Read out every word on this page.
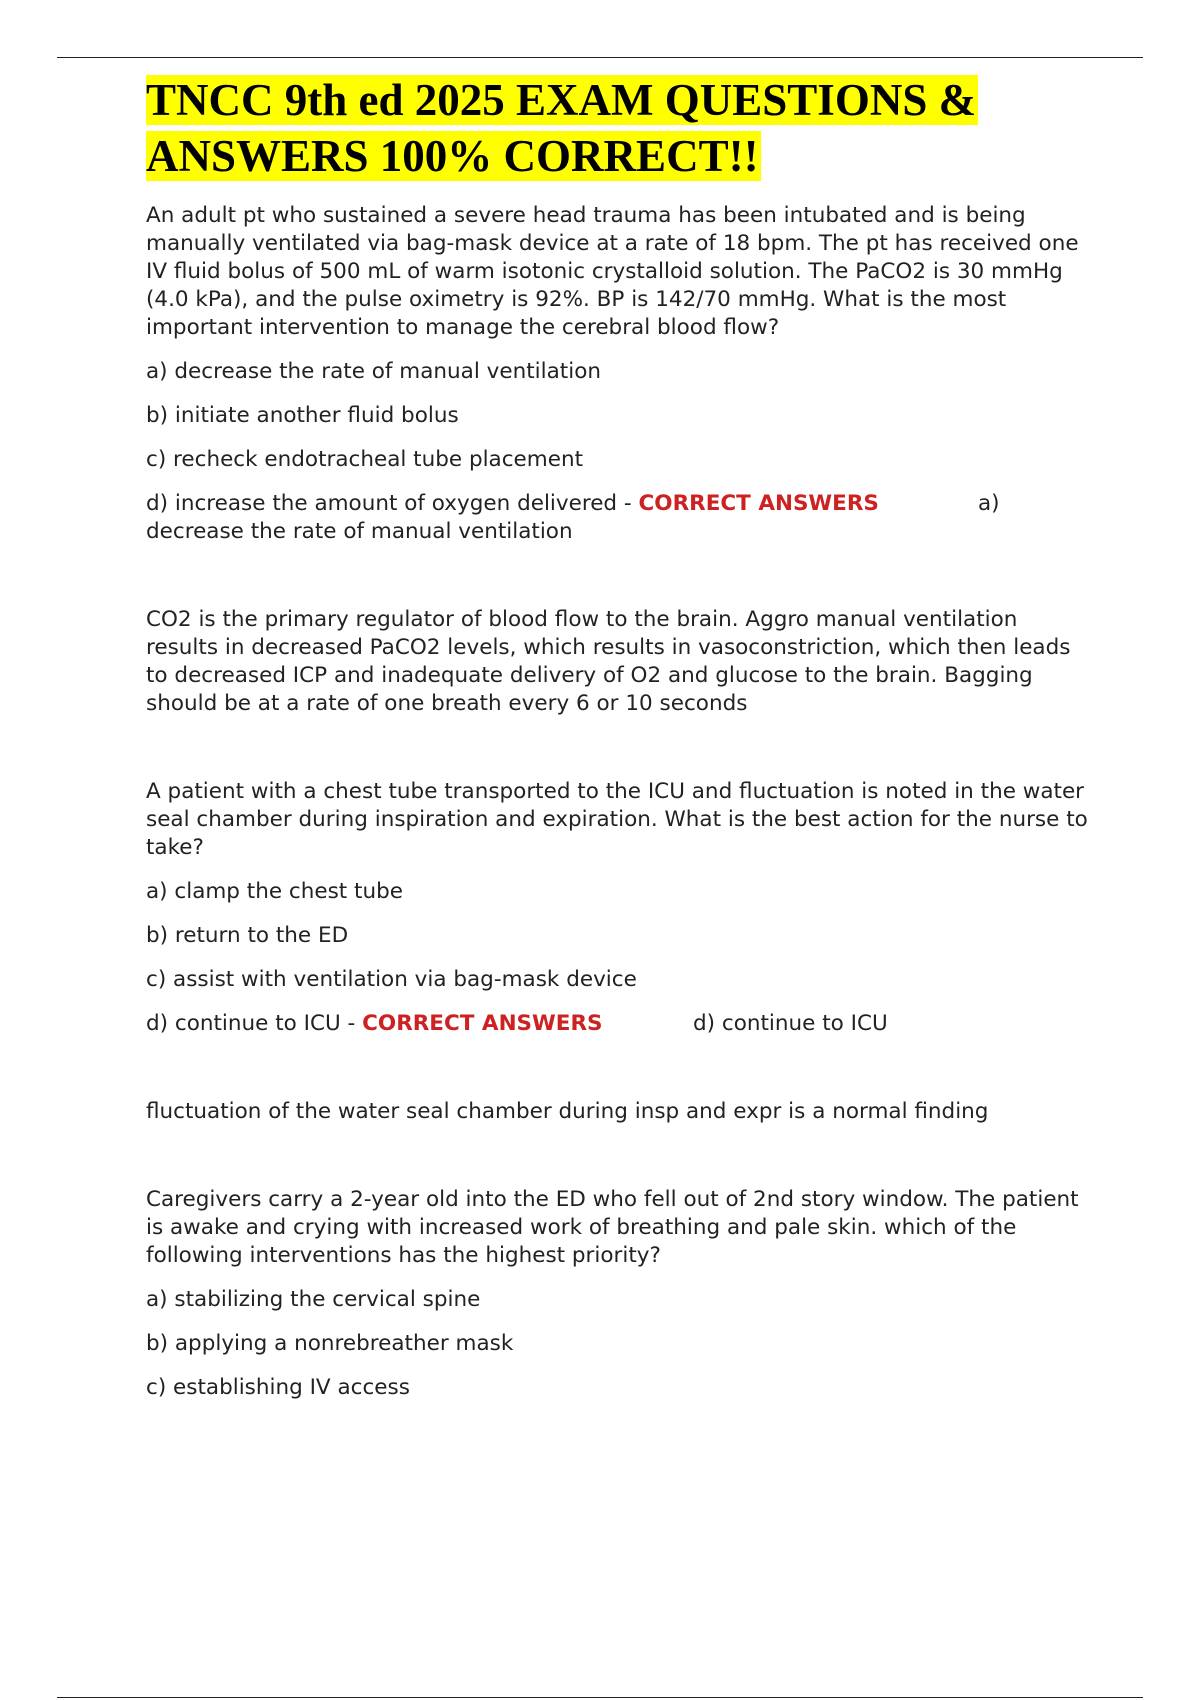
TNCC 9th ed 2025 EXAM QUESTIONS &
ANSWERS 100% CORRECT!!

An adult pt who sustained a severe head trauma has been intubated and is being manually ventilated via bag-mask device at a rate of 18 bpm. The pt has received one IV fluid bolus of 500 mL of warm isotonic crystalloid solution. The PaCO2 is 30 mmHg (4.0 kPa), and the pulse oximetry is 92%. BP is 142/70 mmHg. What is the most important intervention to manage the cerebral blood flow?

a) decrease the rate of manual ventilation

b) initiate another fluid bolus

c) recheck endotracheal tube placement

d) increase the amount of oxygen delivered - CORRECT ANSWERS	a)

decrease the rate of manual ventilation

CO2 is the primary regulator of blood flow to the brain. Aggro manual ventilation results in decreased PaCO2 levels, which results in vasoconstriction, which then leads to decreased ICP and inadequate delivery of O2 and glucose to the brain. Bagging should be at a rate of one breath every 6 or 10 seconds

A patient with a chest tube transported to the ICU and fluctuation is noted in the water seal chamber during inspiration and expiration. What is the best action for the nurse to take?

a) clamp the chest tube

b) return to the ED

c) assist with ventilation via bag-mask device

d) continue to ICU - CORRECT ANSWERS	d) continue to ICU

fluctuation of the water seal chamber during insp and expr is a normal finding

Caregivers carry a 2-year old into the ED who fell out of 2nd story window. The patient is awake and crying with increased work of breathing and pale skin. which of the following interventions has the highest priority?

a) stabilizing the cervical spine

b) applying a nonrebreather mask

c) establishing IV access
